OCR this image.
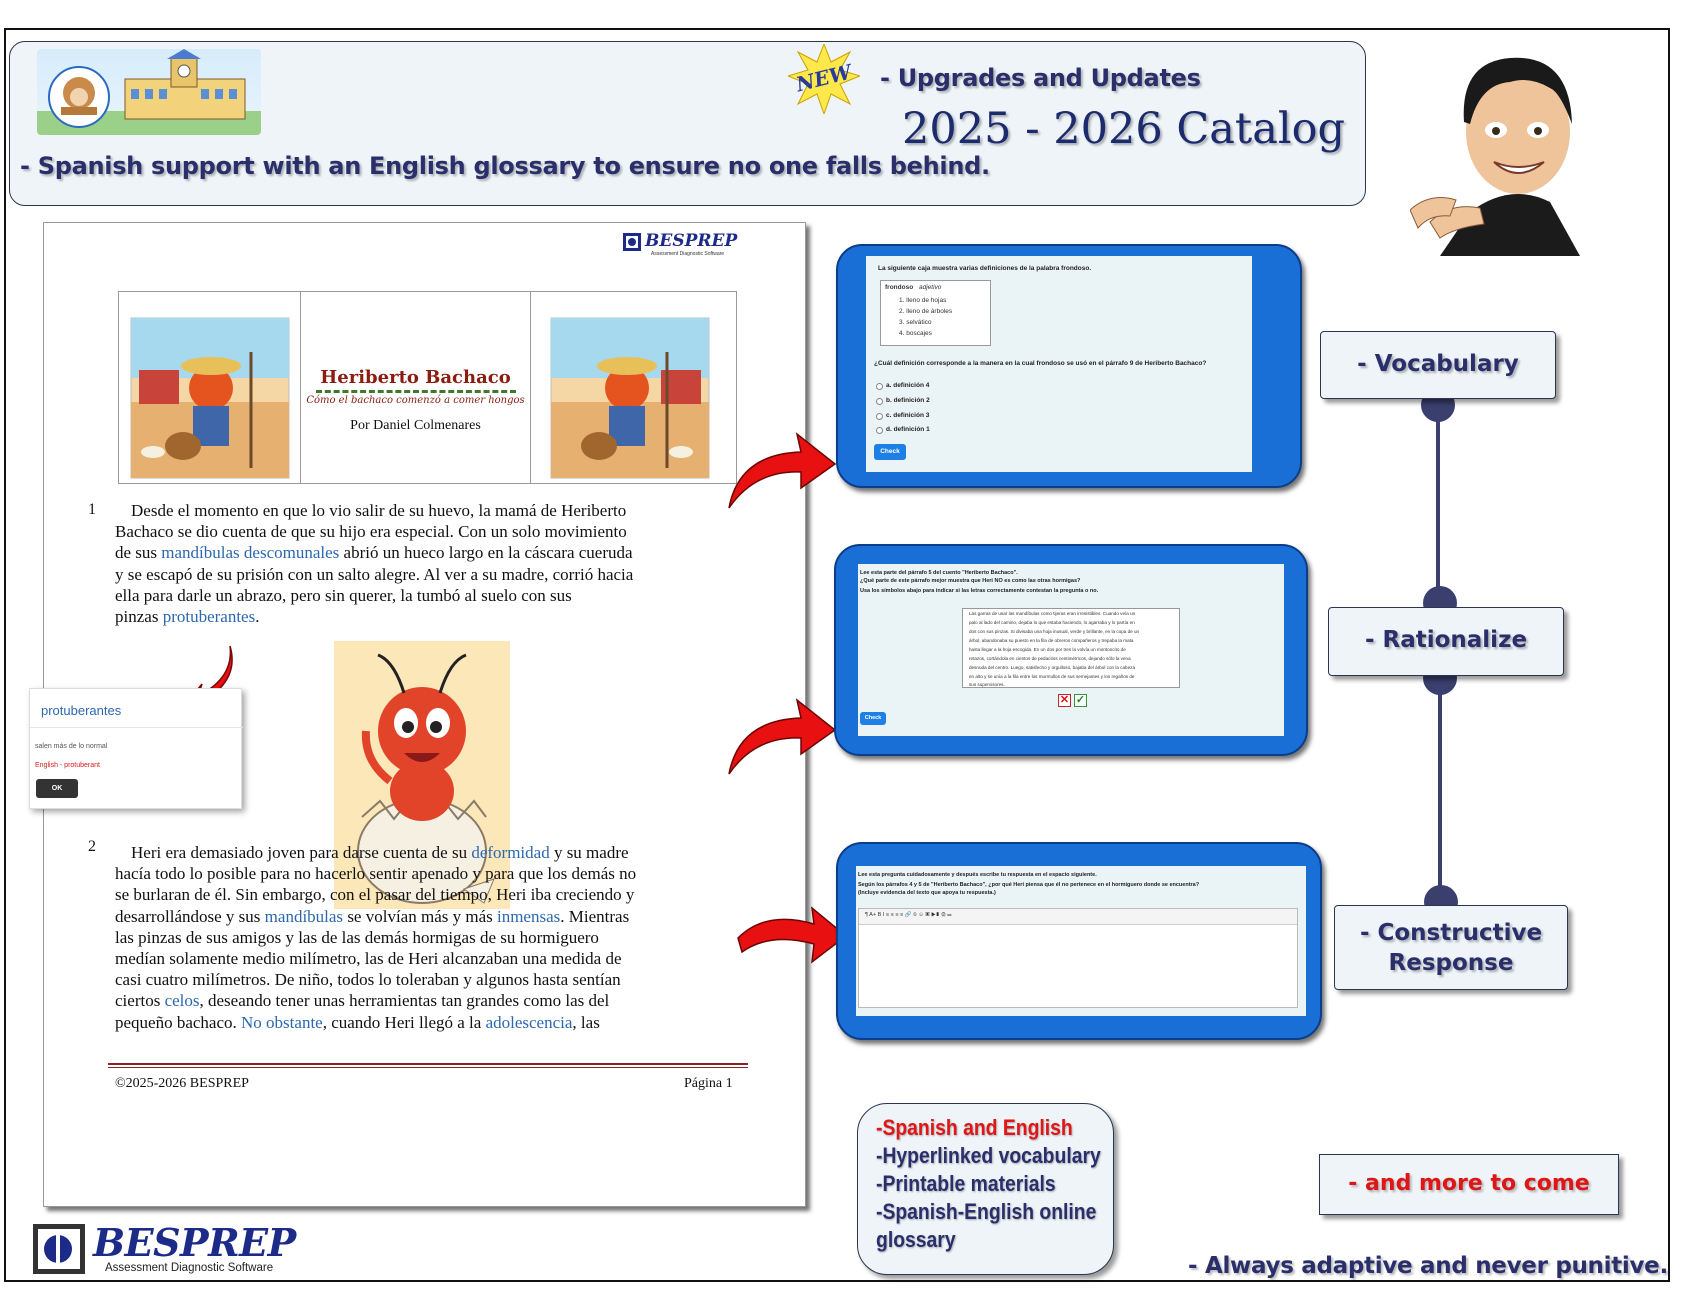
NEW - Upgrades and Updates
2025 - 2026 Catalog
- Spanish support with an English glossary to ensure no one falls behind.
BESPREP
Assessment Diagnostic Software
Heriberto Bachaco
Cómo el bachaco comenzó a comer hongos
Por Daniel Colmenares
1	Desde el momento en que lo vio salir de su huevo, la mamá de Heriberto
Bachaco se dio cuenta de que su hijo era especial. Con un solo movimiento
de sus mandíbulas descomunales abrió un hueco largo en la cáscara cueruda
y se escapó de su prisión con un salto alegre. Al ver a su madre, corrió hacia
ella para darle un abrazo, pero sin querer, la tumbó al suelo con sus
pinzas protuberantes.
2	Heri era demasiado joven para darse cuenta de su deformidad y su madre
hacía todo lo posible para no hacerlo sentir apenado y para que los demás no
se burlaran de él. Sin embargo, con el pasar del tiempo, Heri iba creciendo y
desarrollándose y sus mandíbulas se volvían más y más inmensas. Mientras
las pinzas de sus amigos y las de las demás hormigas de su hormiguero
medían solamente medio milímetro, las de Heri alcanzaban una medida de
casi cuatro milímetros. De niño, todos lo toleraban y algunos hasta sentían
ciertos celos, deseando tener unas herramientas tan grandes como las del
pequeño bachaco. No obstante, cuando Heri llegó a la adolescencia, las
©2025-2026 BESPREP	Página 1
protuberantes
salen más de lo normal
English - protuberant
OK
La siguiente caja muestra varias definiciones de la palabra frondoso.
frondoso adjetivo
1. lleno de hojas
2. lleno de árboles
3. selvático
4. boscajes
¿Cuál definición corresponde a la manera en la cual frondoso se usó en el párrafo 9 de Heriberto Bachaco?
a. definición 4
b. definición 2
c. definición 3
d. definición 1
Check
Lee esta parte del párrafo 5 del cuento "Heriberto Bachaco".
¿Qué parte de este párrafo mejor muestra que Heri NO es como las otras hormigas?
Usa los símbolos abajo para indicar si las letras correctamente contestan la pregunta o no.
Las garras de usar las mandíbulas como tijeras eran irresistibles. Cuando veía un
palo al lado del camino, dejaba lo que estaba haciendo, lo agarraba y lo partía en
dos con sus pinzas. Si divisaba una hoja inusual, verde y brillante, en la copa de un
árbol, abandonaba su puesto en la fila de obreros compañeros y trepaba la mata
hasta llegar a la hoja escogida. En un dos por tres la volvía un montoncito de
retazos, cortándola en cientos de pedacitos centimétricos, dejando sólo la vena
desnuda del centro. Luego, satisfecho y orgulloso, bajaba del árbol con la cabeza
en alto y se unía a la fila entre los murmullos de sus semejantes y los regaños de
sus supervisores.
✕ ✓
Check
Lee esta pregunta cuidadosamente y después escribe tu respuesta en el espacio siguiente.
Según los párrafos 4 y 5 de "Heriberto Bachaco", ¿por qué Heri piensa que él no pertenece en el hormiguero donde se encuentra?
(Incluye evidencia del texto que apoya tu respuesta.)
¶ A+ B I ≡ ≡ ≡ ≡ 🔗 ⦸ ☺ ▣ ▶▮ ⚙ ▭
- Vocabulary
- Rationalize
- Constructive
Response
-Spanish and English
-Hyperlinked vocabulary
-Printable materials
-Spanish-English online
glossary
- and more to come
- Always adaptive and never punitive.
BESPREP
Assessment Diagnostic Software
